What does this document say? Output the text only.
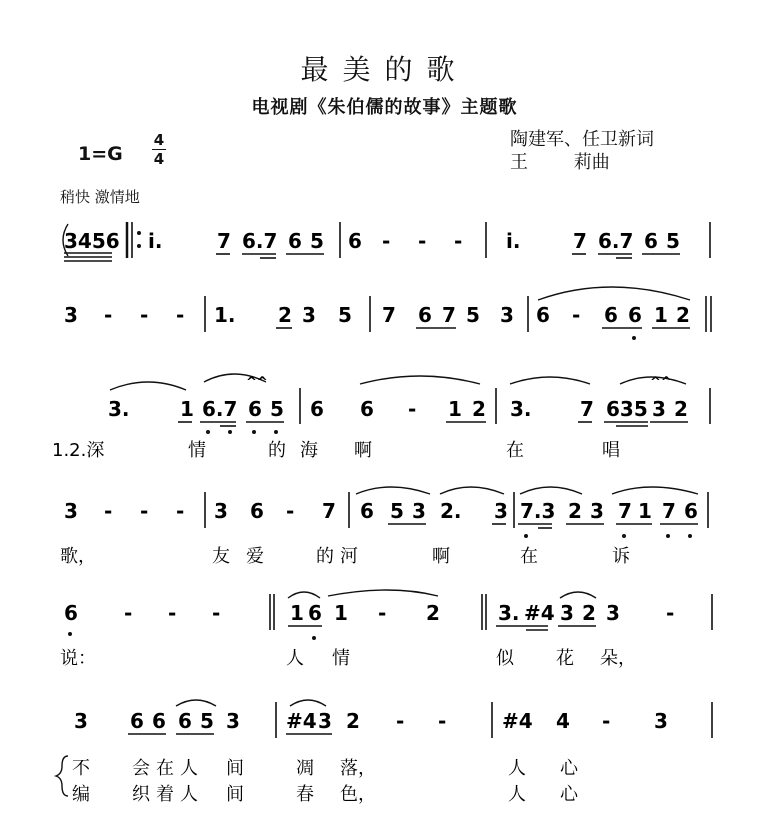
最美的歌
电视剧《朱伯儒的故事》主题歌
陶建军、任卫新词
王        莉曲
1=G
4
4
稍快 激情地
3456 i.	7 6.7 6 5 6 - - - i.	7 6.7 6 5
3 - - - 1. 2 3 5 7 6 7 5 3 6 - 6 6 1 2
^^	^^
3.	1 6.7 6 5 6 6 - 1 2 3. 7 635 3 2
1.2.深	情	的 海 啊	在	唱
3 - - - 3 6 - 7 6 5 3 2. 3 7.3 2 3 7 1 7 6
歌，	友 爱	的 河	啊	在	诉
6 - - -	1 6 1 - 2	3. #4 3 2 3 -
说：	人 情	似 花 朵，
3 6 6 6 5 3 #4 3 2 - -	#4 4 - 3
不 会 在 人 间	凋 落，	人 心
编 织 着 人 间	春 色，	人 心
